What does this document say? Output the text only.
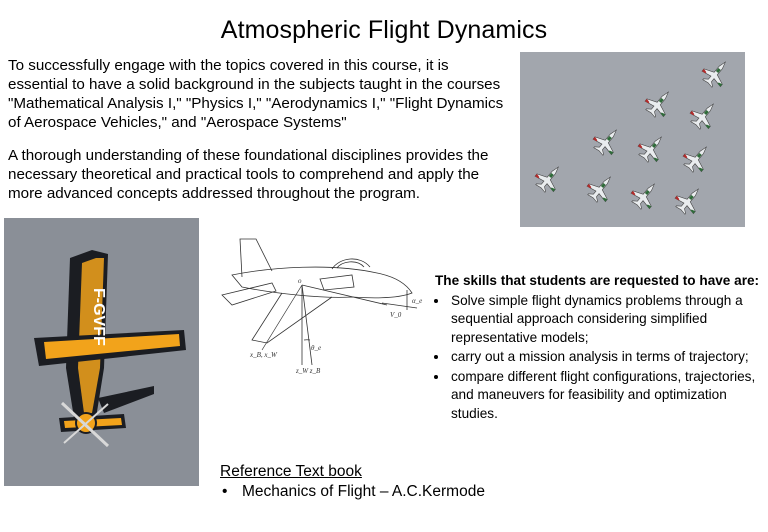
Atmospheric Flight Dynamics

To successfully engage with the topics covered in this course, it is essential to have a solid background in the subjects taught in the courses "Mathematical Analysis I," "Physics I," "Aerodynamics I," "Flight Dynamics of Aerospace Vehicles," and "Aerospace Systems"

A thorough understanding of these foundational disciplines provides the necessary theoretical and practical tools to comprehend and apply the more advanced concepts addressed throughout the program.

F-GVFF
o
x_B, x_W
V_0
z_W z_B
θ_e
α_e
The skills that students are requested to have are:
• Solve simple flight dynamics problems through a sequential approach considering simplified representative models;
• carry out a mission analysis in terms of trajectory;
• compare different flight configurations, trajectories, and maneuvers for feasibility and optimization studies.
Reference Text book
• Mechanics of Flight – A.C.Kermode
